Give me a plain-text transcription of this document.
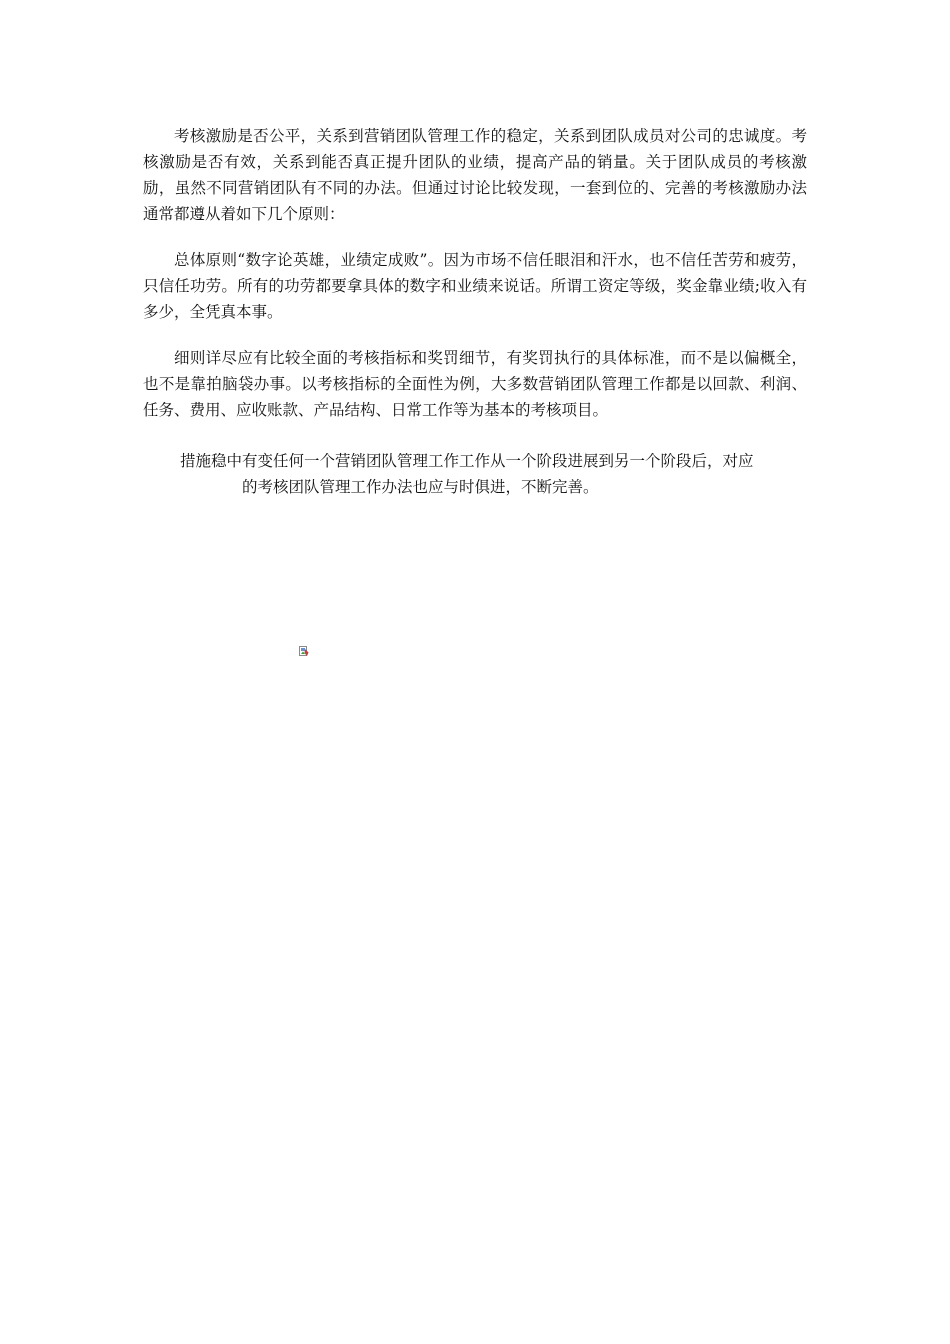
考核激励是否公平，关系到营销团队管理工作的稳定，关系到团队成员对公司的忠诚度。考核激励是否有效，关系到能否真正提升团队的业绩，提高产品的销量。关于团队成员的考核激励，虽然不同营销团队有不同的办法。但通过讨论比较发现，一套到位的、完善的考核激励办法通常都遵从着如下几个原则：

总体原则“数字论英雄，业绩定成败”。因为市场不信任眼泪和汗水，也不信任苦劳和疲劳，只信任功劳。所有的功劳都要拿具体的数字和业绩来说话。所谓工资定等级，奖金靠业绩;收入有多少，全凭真本事。

细则详尽应有比较全面的考核指标和奖罚细节，有奖罚执行的具体标准，而不是以偏概全，也不是靠拍脑袋办事。以考核指标的全面性为例，大多数营销团队管理工作都是以回款、利润、任务、费用、应收账款、产品结构、日常工作等为基本的考核项目。

措施稳中有变任何一个营销团队管理工作工作从一个阶段进展到另一个阶段后，对应
的考核团队管理工作办法也应与时俱进，不断完善。
